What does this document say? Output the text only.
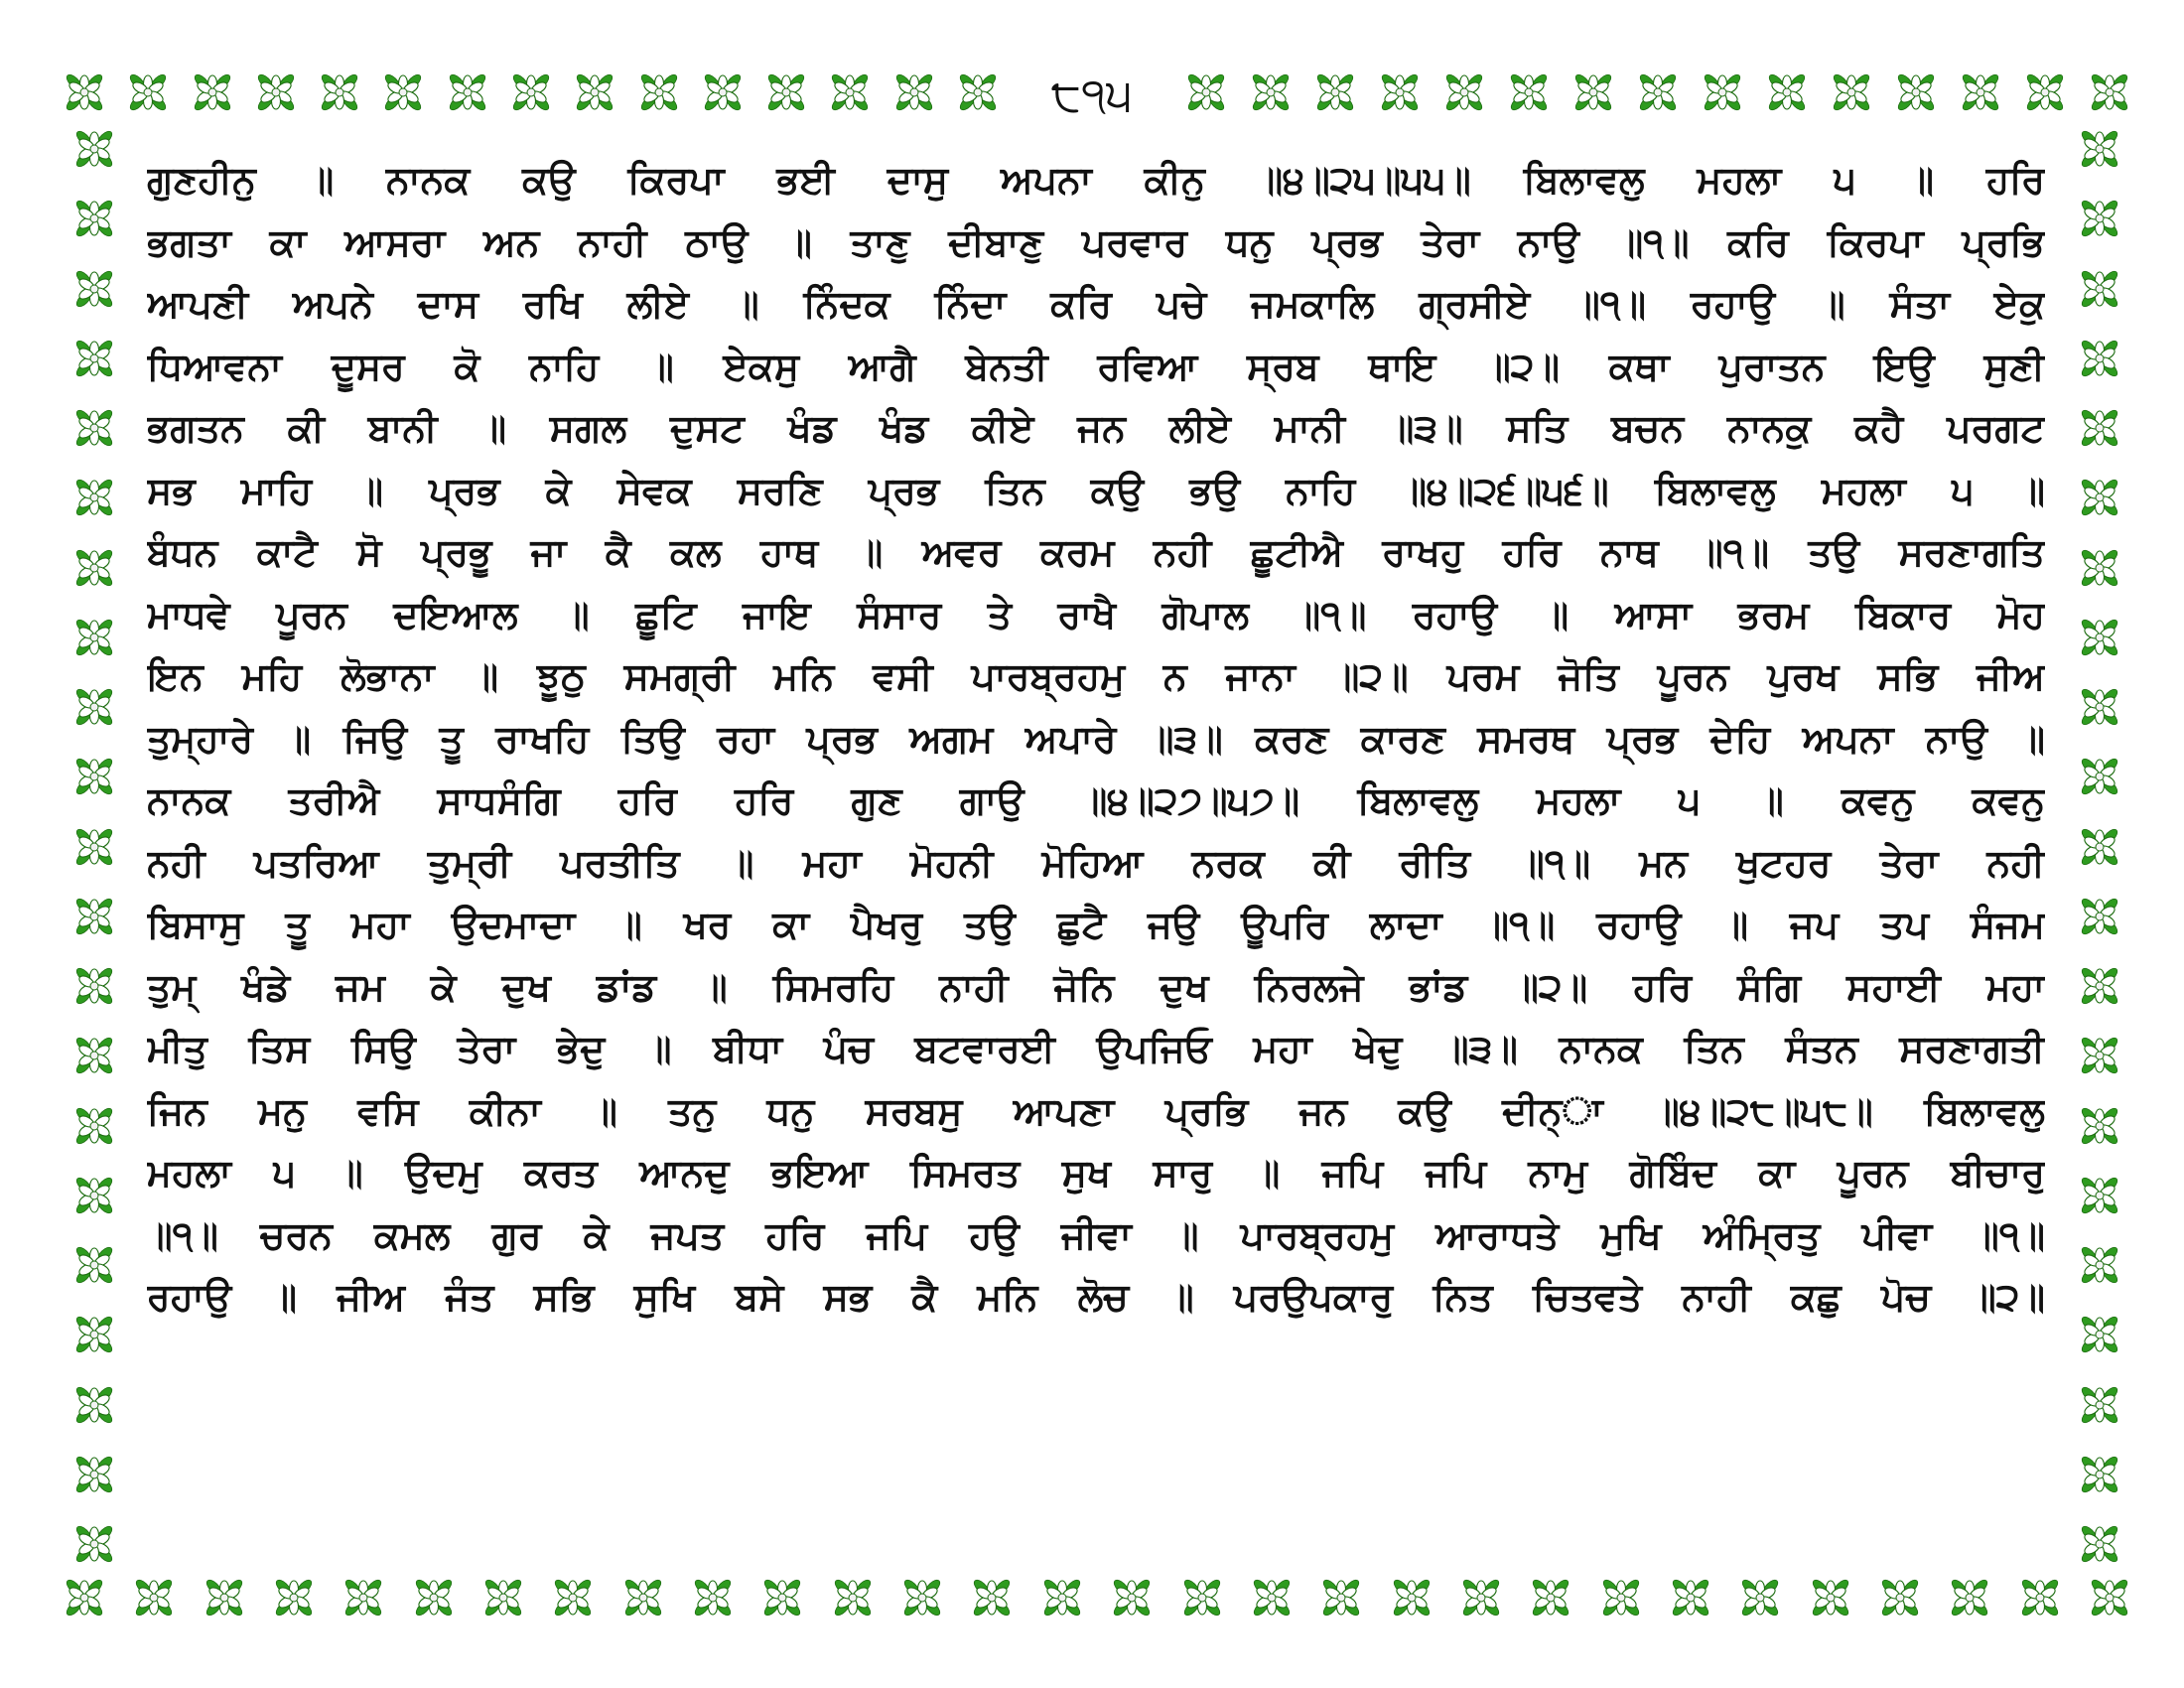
੮੧੫
ਗੁਣਹੀਨੁ ॥ ਨਾਨਕ ਕਉ ਕਿਰਪਾ ਭਈ ਦਾਸੁ ਅਪਨਾ ਕੀਨੁ ॥੪॥੨੫॥੫੫॥ ਬਿਲਾਵਲੁ ਮਹਲਾ ੫ ॥ ਹਰਿ
ਭਗਤਾ ਕਾ ਆਸਰਾ ਅਨ ਨਾਹੀ ਠਾਉ ॥ ਤਾਣੁ ਦੀਬਾਣੁ ਪਰਵਾਰ ਧਨੁ ਪ੍ਰਭ ਤੇਰਾ ਨਾਉ ॥੧॥ ਕਰਿ ਕਿਰਪਾ ਪ੍ਰਭਿ
ਆਪਣੀ ਅਪਨੇ ਦਾਸ ਰਖਿ ਲੀਏ ॥ ਨਿੰਦਕ ਨਿੰਦਾ ਕਰਿ ਪਚੇ ਜਮਕਾਲਿ ਗ੍ਰਸੀਏ ॥੧॥ ਰਹਾਉ ॥ ਸੰਤਾ ਏਕੁ
ਧਿਆਵਨਾ ਦੂਸਰ ਕੋ ਨਾਹਿ ॥ ਏਕਸੁ ਆਗੈ ਬੇਨਤੀ ਰਵਿਆ ਸ੍ਰਬ ਥਾਇ ॥੨॥ ਕਥਾ ਪੁਰਾਤਨ ਇਉ ਸੁਣੀ
ਭਗਤਨ ਕੀ ਬਾਨੀ ॥ ਸਗਲ ਦੁਸਟ ਖੰਡ ਖੰਡ ਕੀਏ ਜਨ ਲੀਏ ਮਾਨੀ ॥੩॥ ਸਤਿ ਬਚਨ ਨਾਨਕੁ ਕਹੈ ਪਰਗਟ
ਸਭ ਮਾਹਿ ॥ ਪ੍ਰਭ ਕੇ ਸੇਵਕ ਸਰਣਿ ਪ੍ਰਭ ਤਿਨ ਕਉ ਭਉ ਨਾਹਿ ॥੪॥੨੬॥੫੬॥ ਬਿਲਾਵਲੁ ਮਹਲਾ ੫ ॥
ਬੰਧਨ ਕਾਟੈ ਸੋ ਪ੍ਰਭੂ ਜਾ ਕੈ ਕਲ ਹਾਥ ॥ ਅਵਰ ਕਰਮ ਨਹੀ ਛੂਟੀਐ ਰਾਖਹੁ ਹਰਿ ਨਾਥ ॥੧॥ ਤਉ ਸਰਣਾਗਤਿ
ਮਾਧਵੇ ਪੂਰਨ ਦਇਆਲ ॥ ਛੂਟਿ ਜਾਇ ਸੰਸਾਰ ਤੇ ਰਾਖੈ ਗੋਪਾਲ ॥੧॥ ਰਹਾਉ ॥ ਆਸਾ ਭਰਮ ਬਿਕਾਰ ਮੋਹ
ਇਨ ਮਹਿ ਲੋਭਾਨਾ ॥ ਝੂਠੁ ਸਮਗ੍ਰੀ ਮਨਿ ਵਸੀ ਪਾਰਬ੍ਰਹਮੁ ਨ ਜਾਨਾ ॥੨॥ ਪਰਮ ਜੋਤਿ ਪੂਰਨ ਪੁਰਖ ਸਭਿ ਜੀਅ
ਤੁਮ੍ਹਾਰੇ ॥ ਜਿਉ ਤੂ ਰਾਖਹਿ ਤਿਉ ਰਹਾ ਪ੍ਰਭ ਅਗਮ ਅਪਾਰੇ ॥੩॥ ਕਰਣ ਕਾਰਣ ਸਮਰਥ ਪ੍ਰਭ ਦੇਹਿ ਅਪਨਾ ਨਾਉ ॥
ਨਾਨਕ ਤਰੀਐ ਸਾਧਸੰਗਿ ਹਰਿ ਹਰਿ ਗੁਣ ਗਾਉ ॥੪॥੨੭॥੫੭॥ ਬਿਲਾਵਲੁ ਮਹਲਾ ੫ ॥ ਕਵਨੁ ਕਵਨੁ
ਨਹੀ ਪਤਰਿਆ ਤੁਮ੍ਰੀ ਪਰਤੀਤਿ ॥ ਮਹਾ ਮੋਹਨੀ ਮੋਹਿਆ ਨਰਕ ਕੀ ਰੀਤਿ ॥੧॥ ਮਨ ਖੁਟਹਰ ਤੇਰਾ ਨਹੀ
ਬਿਸਾਸੁ ਤੂ ਮਹਾ ਉਦਮਾਦਾ ॥ ਖਰ ਕਾ ਪੈਖਰੁ ਤਉ ਛੁਟੈ ਜਉ ਊਪਰਿ ਲਾਦਾ ॥੧॥ ਰਹਾਉ ॥ ਜਪ ਤਪ ਸੰਜਮ
ਤੁਮ੍ ਖੰਡੇ ਜਮ ਕੇ ਦੁਖ ਡਾਂਡ ॥ ਸਿਮਰਹਿ ਨਾਹੀ ਜੋਨਿ ਦੁਖ ਨਿਰਲਜੇ ਭਾਂਡ ॥੨॥ ਹਰਿ ਸੰਗਿ ਸਹਾਈ ਮਹਾ
ਮੀਤੁ ਤਿਸ ਸਿਉ ਤੇਰਾ ਭੇਦੁ ॥ ਬੀਧਾ ਪੰਚ ਬਟਵਾਰਈ ਉਪਜਿਓ ਮਹਾ ਖੇਦੁ ॥੩॥ ਨਾਨਕ ਤਿਨ ਸੰਤਨ ਸਰਣਾਗਤੀ
ਜਿਨ ਮਨੁ ਵਸਿ ਕੀਨਾ ॥ ਤਨੁ ਧਨੁ ਸਰਬਸੁ ਆਪਣਾ ਪ੍ਰਭਿ ਜਨ ਕਉ ਦੀਨ੍ਾ ॥੪॥੨੮॥੫੮॥ ਬਿਲਾਵਲੁ
ਮਹਲਾ ੫ ॥ ਉਦਮੁ ਕਰਤ ਆਨਦੁ ਭਇਆ ਸਿਮਰਤ ਸੁਖ ਸਾਰੁ ॥ ਜਪਿ ਜਪਿ ਨਾਮੁ ਗੋਬਿੰਦ ਕਾ ਪੂਰਨ ਬੀਚਾਰੁ
॥੧॥ ਚਰਨ ਕਮਲ ਗੁਰ ਕੇ ਜਪਤ ਹਰਿ ਜਪਿ ਹਉ ਜੀਵਾ ॥ ਪਾਰਬ੍ਰਹਮੁ ਆਰਾਧਤੇ ਮੁਖਿ ਅੰਮ੍ਰਿਤੁ ਪੀਵਾ ॥੧॥
ਰਹਾਉ ॥ ਜੀਅ ਜੰਤ ਸਭਿ ਸੁਖਿ ਬਸੇ ਸਭ ਕੈ ਮਨਿ ਲੋਚ ॥ ਪਰਉਪਕਾਰੁ ਨਿਤ ਚਿਤਵਤੇ ਨਾਹੀ ਕਛੁ ਪੋਚ ॥੨॥
